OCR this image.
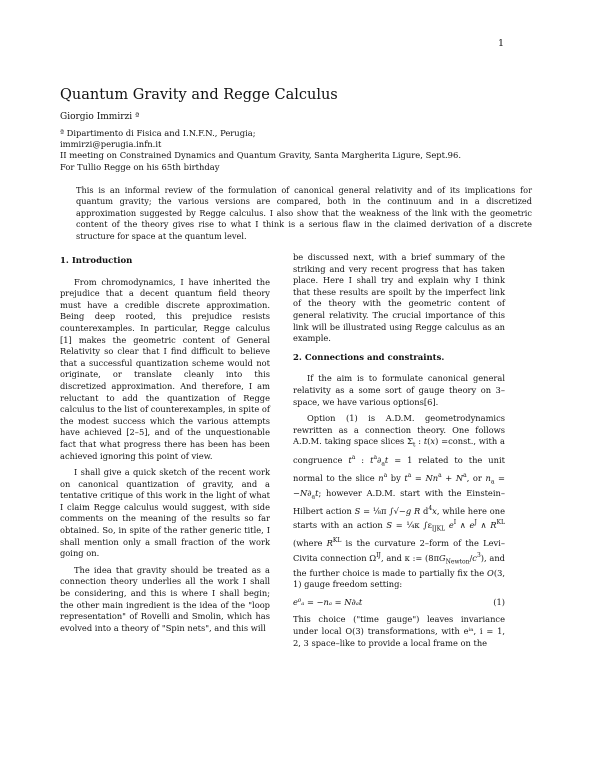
1
Quantum Gravity and Regge Calculus
Giorgio Immirzi ª
ª Dipartimento di Fisica and I.N.F.N., Perugia;
immirzi@perugia.infn.it
II meeting on Constrained Dynamics and Quantum Gravity, Santa Margherita Ligure, Sept.96.
For Tullio Regge on his 65th birthday
This is an informal review of the formulation of canonical general relativity and of its implications for quantum gravity; the various versions are compared, both in the continuum and in a discretized approximation suggested by Regge calculus. I also show that the weakness of the link with the geometric content of the theory gives rise to what I think is a serious flaw in the claimed derivation of a discrete structure for space at the quantum level.
1. Introduction

From chromodynamics, I have inherited the prejudice that a decent quantum field theory must have a credible discrete approximation. Being deep rooted, this prejudice resists counterexamples. In particular, Regge calculus [1] makes the geometric content of General Relativity so clear that I find difficult to believe that a successful quantization scheme would not originate, or translate cleanly into this discretized approximation. And therefore, I am reluctant to add the quantization of Regge calculus to the list of counterexamples, in spite of the modest success which the various attempts have achieved [2–5], and of the unquestionable fact that what progress there has been has been achieved ignoring this point of view.

I shall give a quick sketch of the recent work on canonical quantization of gravity, and a tentative critique of this work in the light of what I claim Regge calculus would suggest, with side comments on the meaning of the results so far obtained. So, in spite of the rather generic title, I shall mention only a small fraction of the work going on.

The idea that gravity should be treated as a connection theory underlies all the work I shall be considering, and this is where I shall begin; the other main ingredient is the idea of the "loop representation" of Rovelli and Smolin, which has evolved into a theory of "Spin nets", and this will

be discussed next, with a brief summary of the striking and very recent progress that has taken place. Here I shall try and explain why I think that these results are spoilt by the imperfect link of the theory with the geometric content of general relativity. The crucial importance of this link will be illustrated using Regge calculus as an example.

2. Connections and constraints.

If the aim is to formulate canonical general relativity as a some sort of gauge theory on 3–space, we have various options[6].

Option (1) is A.D.M. geometrodynamics rewritten as a connection theory. One follows A.D.M. taking space slices $\Sigma_t$ : t(x) =const., with a congruence $t^a$ : $t^a\partial_at = 1$ related to the unit normal to the slice $n^a$ by $t^a = Nn^a + N^a$, or $n_a = -N\partial_at$; however A.D.M. start with the Einstein–Hilbert action S = ¹⁄₈π ∫√−g R $d^4x$, while here one starts with an action S = ¹⁄₄κ $\int\varepsilon_{IJKL}$ $e^I$ ∧ $e^J$ ∧ $R^{KL}$ (where $R^{KL}$ is the curvature 2–form of the Levi–Civita connection $\Omega^{IJ}$, and κ := $(8\pi G_{Newton}/c^3)$, and the further choice is made to partially fix the O(3, 1) gauge freedom setting:

e⁰ₐ = −nₐ = N∂ₐt	(1)

This choice ("time gauge") leaves invariance under local O(3) transformations, with eⁱᵃ, i = 1, 2, 3 space–like to provide a local frame on the
